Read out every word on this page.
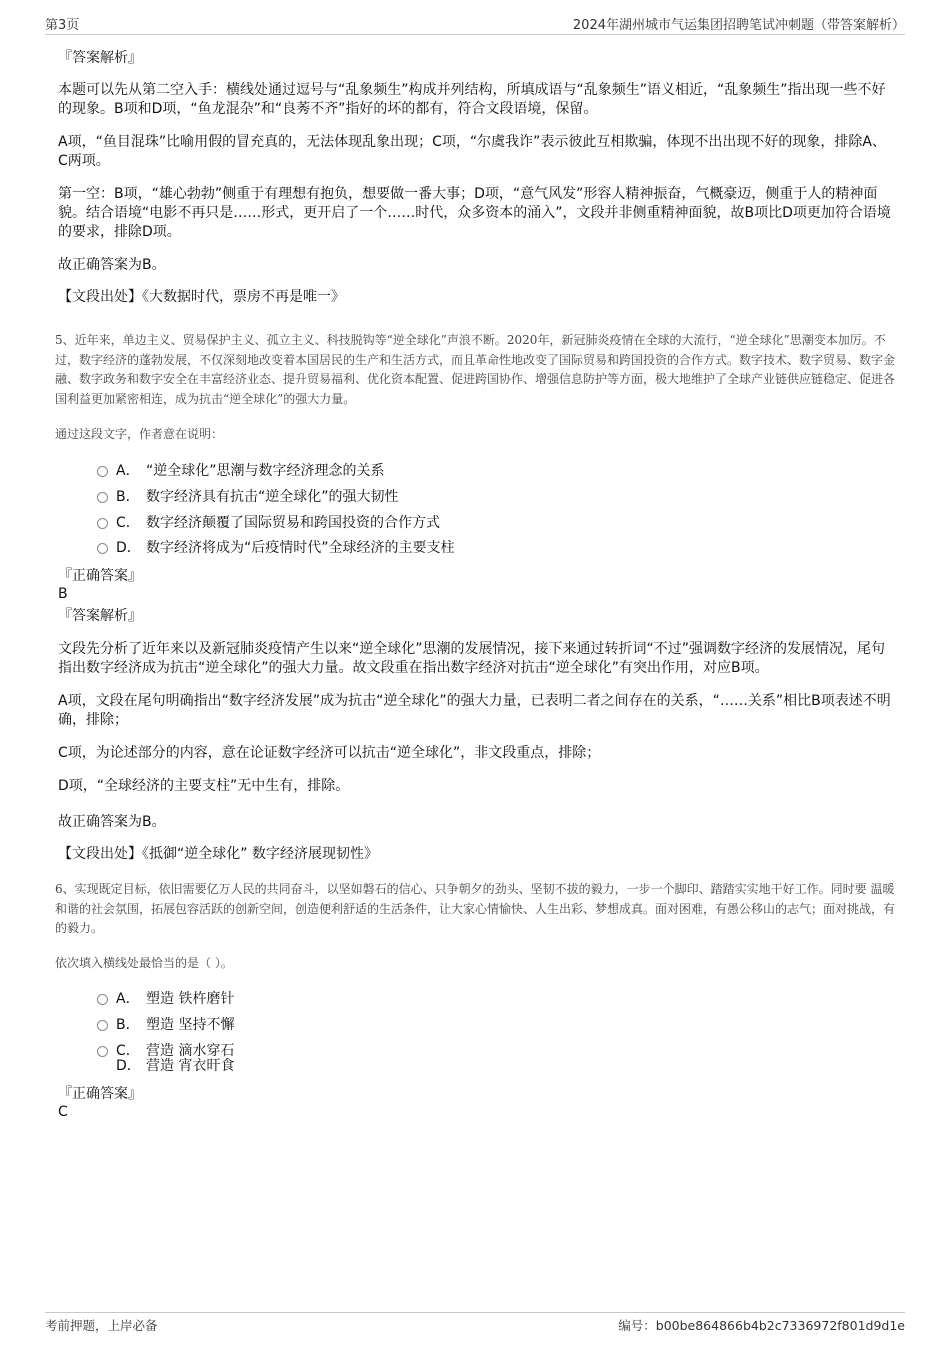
第3页	2024年湖州城市气运集团招聘笔试冲刺题（带答案解析）
『答案解析』
本题可以先从第二空入手：横线处通过逗号与“乱象频生”构成并列结构，所填成语与“乱象频生”语义相近，“乱象频生”指出现一些不好的现象。B项和D项，“鱼龙混杂”和“良莠不齐”指好的坏的都有，符合文段语境，保留。
A项，“鱼目混珠”比喻用假的冒充真的，无法体现乱象出现；C项，“尔虞我诈”表示彼此互相欺骗，体现不出出现不好的现象，排除A、C两项。
第一空：B项，“雄心勃勃”侧重于有理想有抱负，想要做一番大事；D项，“意气风发”形容人精神振奋，气概豪迈，侧重于人的精神面貌。结合语境“电影不再只是……形式，更开启了一个……时代，众多资本的涌入”，文段并非侧重精神面貌，故B项比D项更加符合语境的要求，排除D项。
故正确答案为B。
【文段出处】《大数据时代，票房不再是唯一》
5、近年来，单边主义、贸易保护主义、孤立主义、科技脱钩等“逆全球化”声浪不断。2020年，新冠肺炎疫情在全球的大流行，“逆全球化”思潮变本加厉。不过，数字经济的蓬勃发展，不仅深刻地改变着本国居民的生产和生活方式，而且革命性地改变了国际贸易和跨国投资的合作方式。数字技术、数字贸易、数字金融、数字政务和数字安全在丰富经济业态、提升贸易福利、优化资本配置、促进跨国协作、增强信息防护等方面，极大地维护了全球产业链供应链稳定、促进各国利益更加紧密相连，成为抗击“逆全球化”的强大力量。
通过这段文字，作者意在说明：
A． “逆全球化”思潮与数字经济理念的关系
B． 数字经济具有抗击“逆全球化”的强大韧性
C． 数字经济颠覆了国际贸易和跨国投资的合作方式
D． 数字经济将成为“后疫情时代”全球经济的主要支柱
『正确答案』
B
『答案解析』
文段先分析了近年来以及新冠肺炎疫情产生以来“逆全球化”思潮的发展情况，接下来通过转折词“不过”强调数字经济的发展情况，尾句指出数字经济成为抗击“逆全球化”的强大力量。故文段重在指出数字经济对抗击“逆全球化”有突出作用，对应B项。
A项，文段在尾句明确指出“数字经济发展”成为抗击“逆全球化”的强大力量，已表明二者之间存在的关系，“……关系”相比B项表述不明确，排除；
C项，为论述部分的内容，意在论证数字经济可以抗击“逆全球化”，非文段重点，排除；
D项，“全球经济的主要支柱”无中生有，排除。
故正确答案为B。
【文段出处】《抵御“逆全球化” 数字经济展现韧性》
6、实现既定目标，依旧需要亿万人民的共同奋斗，以坚如磐石的信心、只争朝夕的劲头、坚韧不拔的毅力，一步一个脚印、踏踏实实地干好工作。同时要 温暖和谐的社会氛围，拓展包容活跃的创新空间，创造便利舒适的生活条件，让大家心情愉快、人生出彩、梦想成真。面对困难，有愚公移山的志气；面对挑战，有 的毅力。
依次填入横线处最恰当的是（ ）。
A． 塑造 铁杵磨针
B． 塑造 坚持不懈
C． 营造 滴水穿石
D． 营造 宵衣旰食
『正确答案』
C
考前押题，上岸必备	编号：b00be864866b4b2c7336972f801d9d1e
